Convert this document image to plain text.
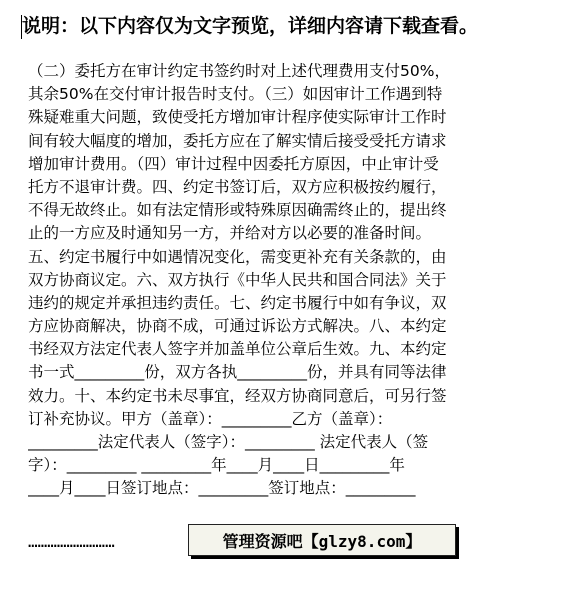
说明：以下内容仅为文字预览，详细内容请下载查看。
（二）委托方在审计约定书签约时对上述代理费用支付50%，
其余50%在交付审计报告时支付。（三）如因审计工作遇到特
殊疑难重大问题，致使受托方增加审计程序使实际审计工作时
间有较大幅度的增加，委托方应在了解实情后接受受托方请求
增加审计费用。（四）审计过程中因委托方原因，中止审计受
托方不退审计费。四、约定书签订后，双方应积极按约履行，
不得无故终止。如有法定情形或特殊原因确需终止的，提出终
止的一方应及时通知另一方，并给对方以必要的准备时间。
五、约定书履行中如遇情况变化，需变更补充有关条款的，由
双方协商议定。六、双方执行《中华人民共和国合同法》关于
违约的规定并承担违约责任。七、约定书履行中如有争议，双
方应协商解决，协商不成，可通过诉讼方式解决。八、本约定
书经双方法定代表人签字并加盖单位公章后生效。九、本约定
书一式_________份，双方各执_________份，并具有同等法律
效力。十、本约定书未尽事宜，经双方协商同意后，可另行签
订补充协议。甲方（盖章）：_________乙方（盖章）：
_________法定代表人（签字）：_________ 法定代表人（签
字）：_________ _________年____月____日_________年
____月____日签订地点：_________签订地点：_________
………………………	管理资源吧【glzy8.com】
